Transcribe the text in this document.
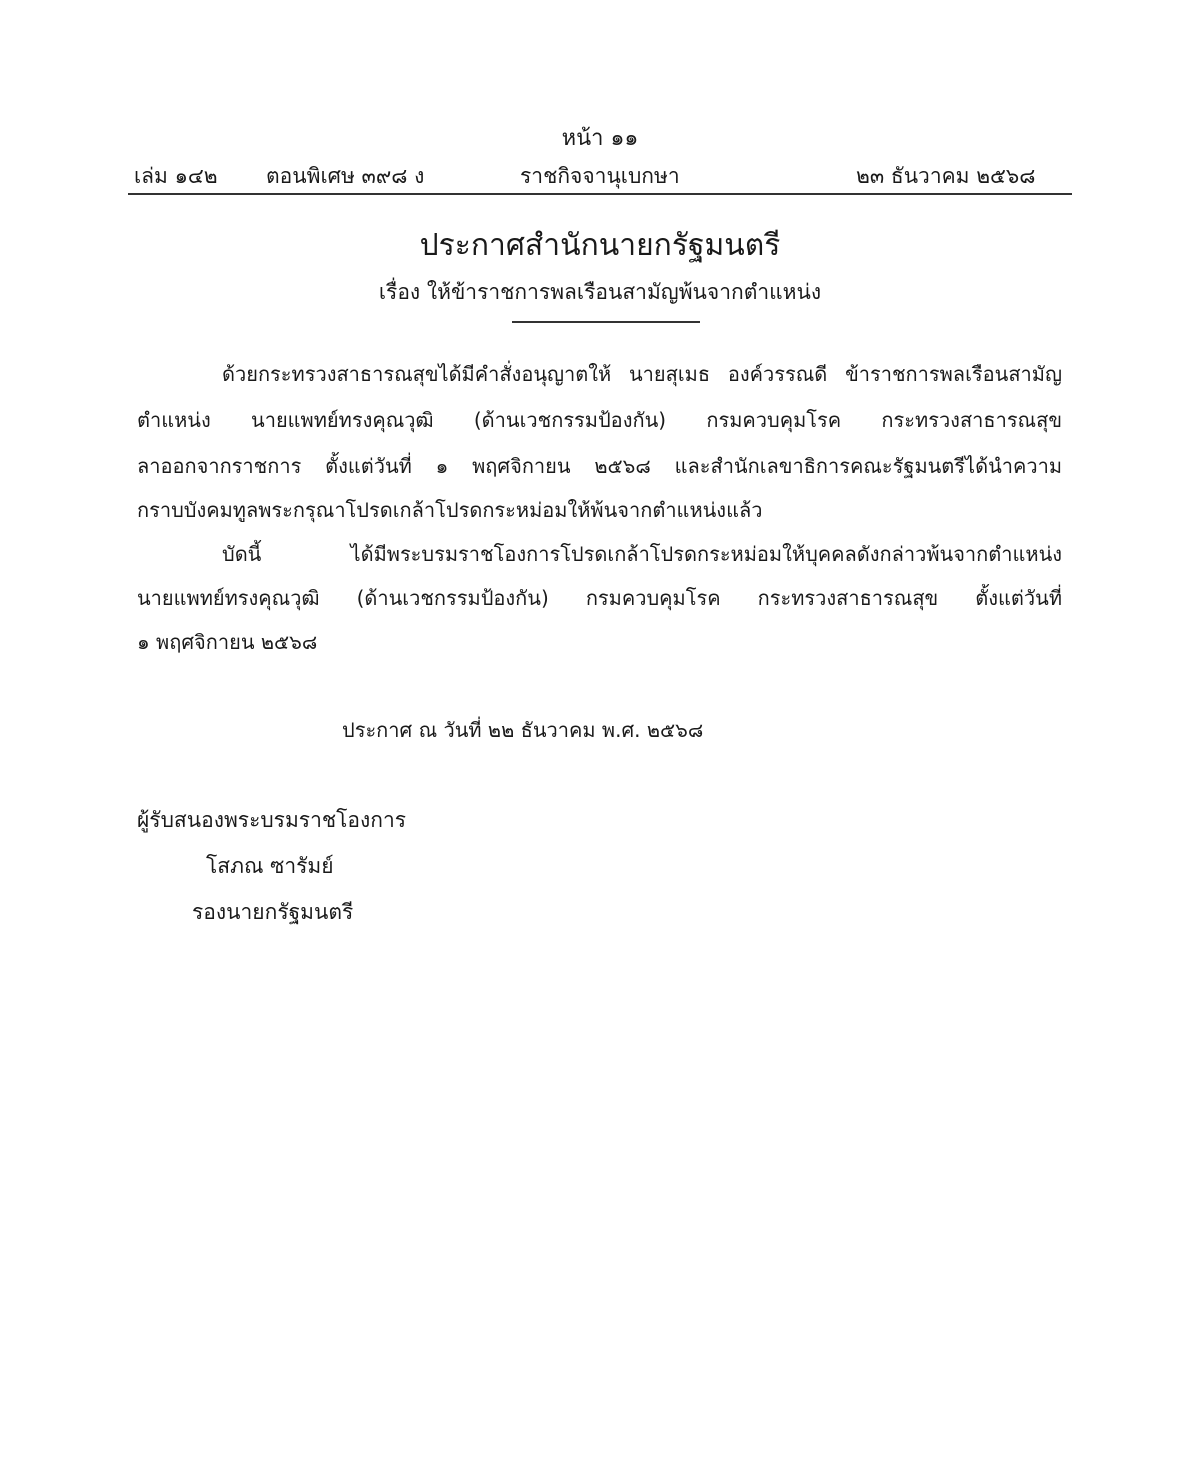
หน้า ๑๑
เล่ม ๑๔๒ ตอนพิเศษ ๓๙๘ ง	ราชกิจจานุเบกษา	๒๓ ธันวาคม ๒๕๖๘
ประกาศสำนักนายกรัฐมนตรี
เรื่อง ให้ข้าราชการพลเรือนสามัญพ้นจากตำแหน่ง
ด้วยกระทรวงสาธารณสุขได้มีคำสั่งอนุญาตให้ นายสุเมธ องค์วรรณดี ข้าราชการพลเรือนสามัญ
ตำแหน่ง นายแพทย์ทรงคุณวุฒิ (ด้านเวชกรรมป้องกัน) กรมควบคุมโรค กระทรวงสาธารณสุข
ลาออกจากราชการ ตั้งแต่วันที่ ๑ พฤศจิกายน ๒๕๖๘ และสำนักเลขาธิการคณะรัฐมนตรีได้นำความ
กราบบังคมทูลพระกรุณาโปรดเกล้าโปรดกระหม่อมให้พ้นจากตำแหน่งแล้ว
บัดนี้ ได้มีพระบรมราชโองการโปรดเกล้าโปรดกระหม่อมให้บุคคลดังกล่าวพ้นจากตำแหน่ง
นายแพทย์ทรงคุณวุฒิ (ด้านเวชกรรมป้องกัน) กรมควบคุมโรค กระทรวงสาธารณสุข ตั้งแต่วันที่
๑ พฤศจิกายน ๒๕๖๘
ประกาศ ณ วันที่ ๒๒ ธันวาคม พ.ศ. ๒๕๖๘
ผู้รับสนองพระบรมราชโองการ
โสภณ ซารัมย์
รองนายกรัฐมนตรี
